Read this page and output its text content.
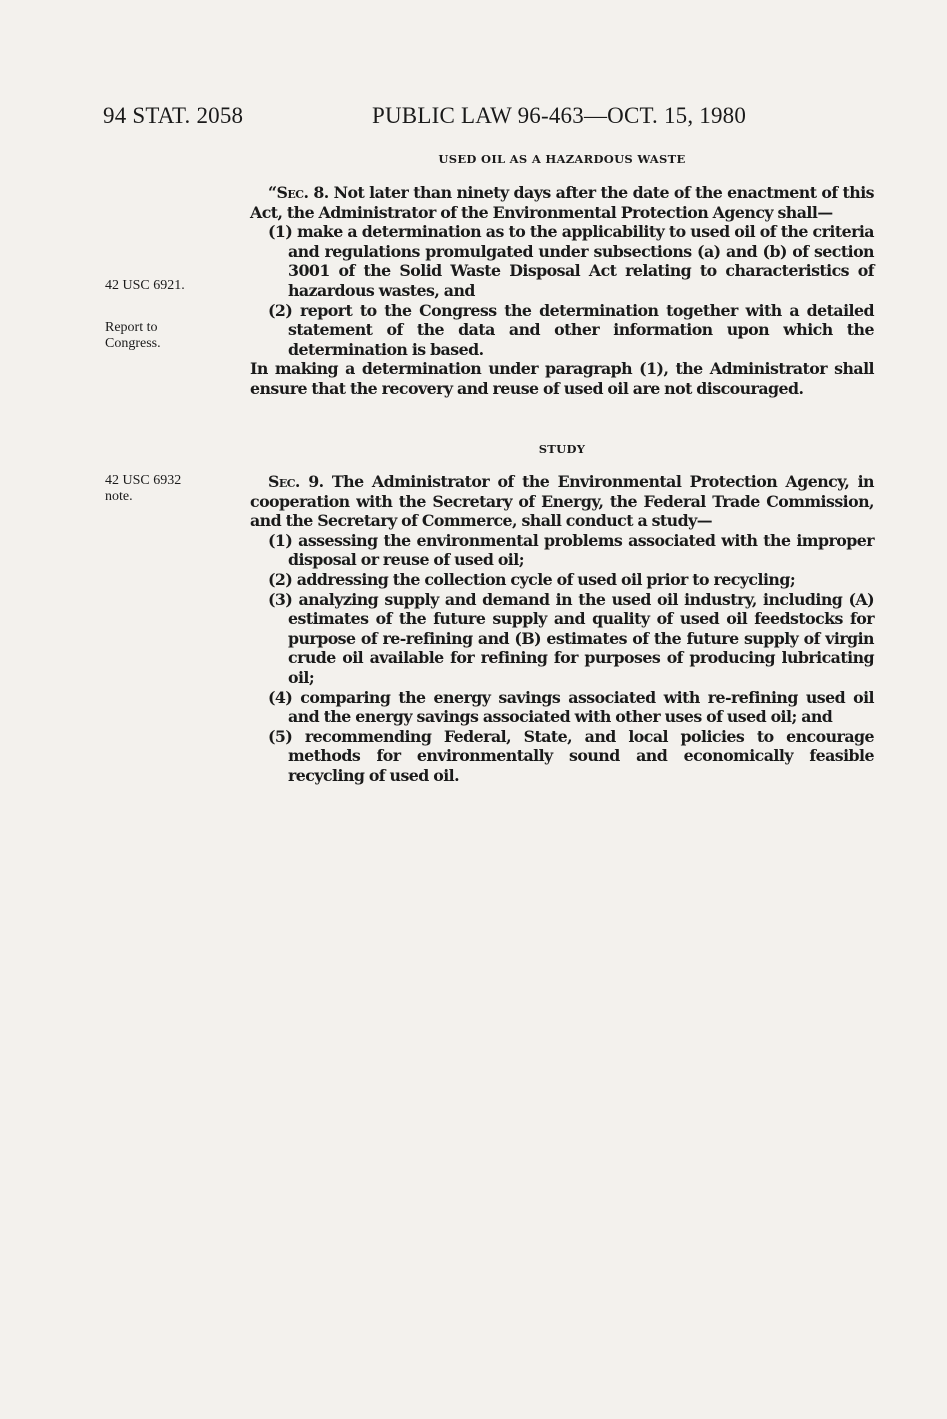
94 STAT. 2058	PUBLIC LAW 96-463—OCT. 15, 1980
USED OIL AS A HAZARDOUS WASTE

“Sec. 8. Not later than ninety days after the date of the enactment of this Act, the Administrator of the Environmental Protection Agency shall—

(1) make a determination as to the applicability to used oil of the criteria and regulations promulgated under subsections (a) and (b) of section 3001 of the Solid Waste Disposal Act relating to characteristics of hazardous wastes, and

(2) report to the Congress the determination together with a detailed statement of the data and other information upon which the determination is based.

In making a determination under paragraph (1), the Administrator shall ensure that the recovery and reuse of used oil are not discouraged.

STUDY

Sec. 9. The Administrator of the Environmental Protection Agency, in cooperation with the Secretary of Energy, the Federal Trade Commission, and the Secretary of Commerce, shall conduct a study—

(1) assessing the environmental problems associated with the improper disposal or reuse of used oil;

(2) addressing the collection cycle of used oil prior to recycling;

(3) analyzing supply and demand in the used oil industry, including (A) estimates of the future supply and quality of used oil feedstocks for purpose of re-refining and (B) estimates of the future supply of virgin crude oil available for refining for purposes of producing lubricating oil;

(4) comparing the energy savings associated with re-refining used oil and the energy savings associated with other uses of used oil; and

(5) recommending Federal, State, and local policies to encourage methods for environmentally sound and economically feasible recycling of used oil.

42 USC 6921.
Report to
Congress.
42 USC 6932
note.
